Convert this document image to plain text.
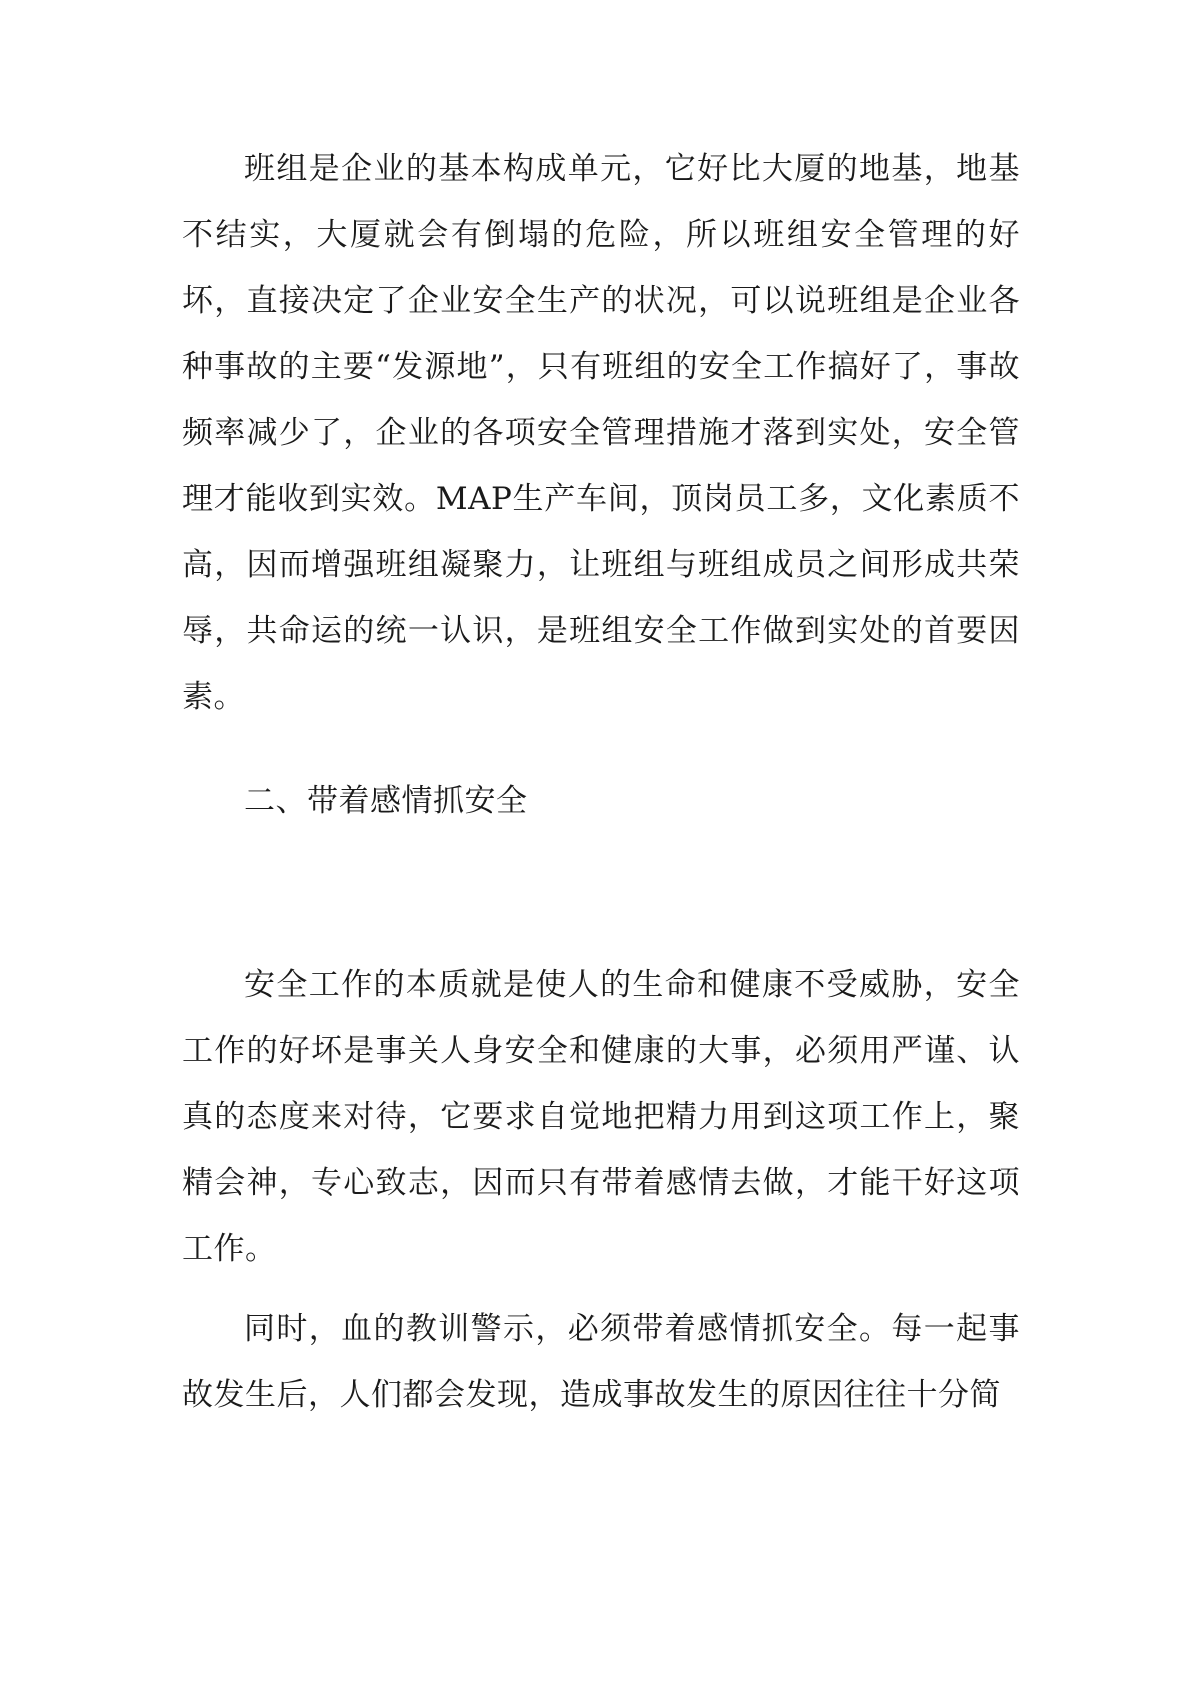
班组是企业的基本构成单元，它好比大厦的地基，地基不结实，大厦就会有倒塌的危险，所以班组安全管理的好坏，直接决定了企业安全生产的状况，可以说班组是企业各种事故的主要“发源地”，只有班组的安全工作搞好了，事故频率减少了，企业的各项安全管理措施才落到实处，安全管理才能收到实效。MAP生产车间，顶岗员工多，文化素质不高，因而增强班组凝聚力，让班组与班组成员之间形成共荣辱，共命运的统一认识，是班组安全工作做到实处的首要因素。

二、带着感情抓安全

安全工作的本质就是使人的生命和健康不受威胁，安全工作的好坏是事关人身安全和健康的大事，必须用严谨、认真的态度来对待，它要求自觉地把精力用到这项工作上，聚精会神，专心致志，因而只有带着感情去做，才能干好这项工作。

同时，血的教训警示，必须带着感情抓安全。每一起事故发生后，人们都会发现，造成事故发生的原因往往十分简
